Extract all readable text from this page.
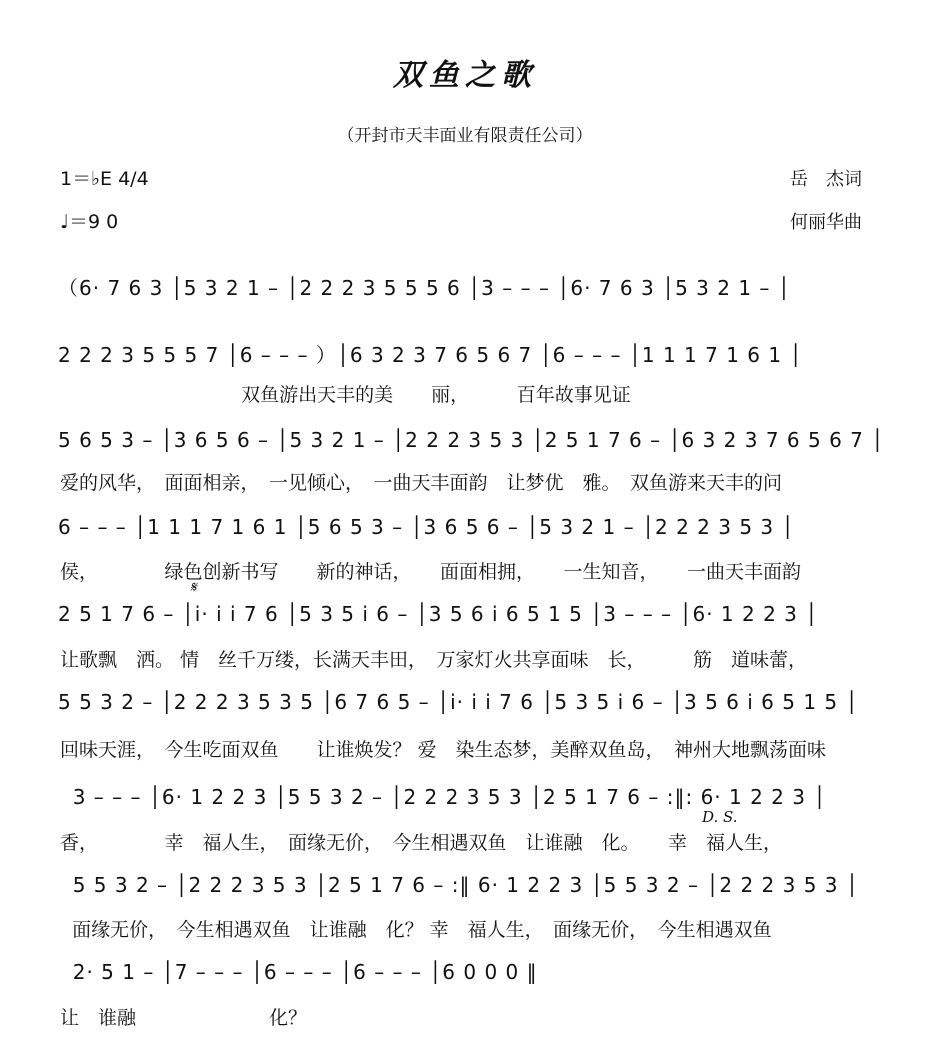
双鱼之歌
（开封市天丰面业有限责任公司）
1＝♭E 4/4
♩＝9 0
岳　杰词
何丽华曲
（6· 7 6 3 │5 3 2 1 – │2 2 2 3 5 5 5 6 │3 – – – │6· 7 6 3 │5 3 2 1 – │
2 2 2 3 5 5 5 7 │6 – – – ）│6 3 2 3 7 6 5 6 7 │6 – – – │1 1 1 7 1 6 1 │
双鱼游出天丰的美　　丽，　　　百年故事见证
5 6 5 3 – │3 6 5 6 – │5 3 2 1 – │2 2 2 3 5 3 │2 5 1 7 6 – │6 3 2 3 7 6 5 6 7 │
爱的风华，　面面相亲，　一见倾心，　一曲天丰面韵　让梦优　雅。　双鱼游来天丰的问
6 – – – │1 1 1 7 1 6 1 │5 6 5 3 – │3 6 5 6 – │5 3 2 1 – │2 2 2 3 5 3 │
侯，　　　　绿色创新书写　　新的神话，　　面面相拥，　　一生知音，　　一曲天丰面韵
𝄋
2 5 1 7 6 – │i· i i 7 6 │5 3 5 i 6 – │3 5 6 i 6 5 1 5 │3 – – – │6· 1 2 2 3 │
让歌飘　洒。 情　丝千万缕，长满天丰田，　万家灯火共享面味　长，　　　筋　道味蕾，
5 5 3 2 – │2 2 2 3 5 3 5 │6 7 6 5 – │i· i i 7 6 │5 3 5 i 6 – │3 5 6 i 6 5 1 5 │
回味天涯，　今生吃面双鱼　　让谁焕发？ 爱　染生态梦，美醉双鱼岛，　神州大地飘荡面味
3 – – – │6· 1 2 2 3 │5 5 3 2 – │2 2 2 3 5 3 │2 5 1 7 6 – :‖: 6· 1 2 2 3 │
D. S.
香，　　　　幸　福人生，　面缘无价，　今生相遇双鱼　让谁融　化。　　幸　福人生，
5 5 3 2 – │2 2 2 3 5 3 │2 5 1 7 6 – :‖ 6· 1 2 2 3 │5 5 3 2 – │2 2 2 3 5 3 │
面缘无价，　今生相遇双鱼　让谁融　化？ 幸　福人生，　面缘无价，　今生相遇双鱼
2· 5 1 – │7 – – – │6 – – – │6 – – – │6 0 0 0 ‖
让　谁融　　　　　　　化？
